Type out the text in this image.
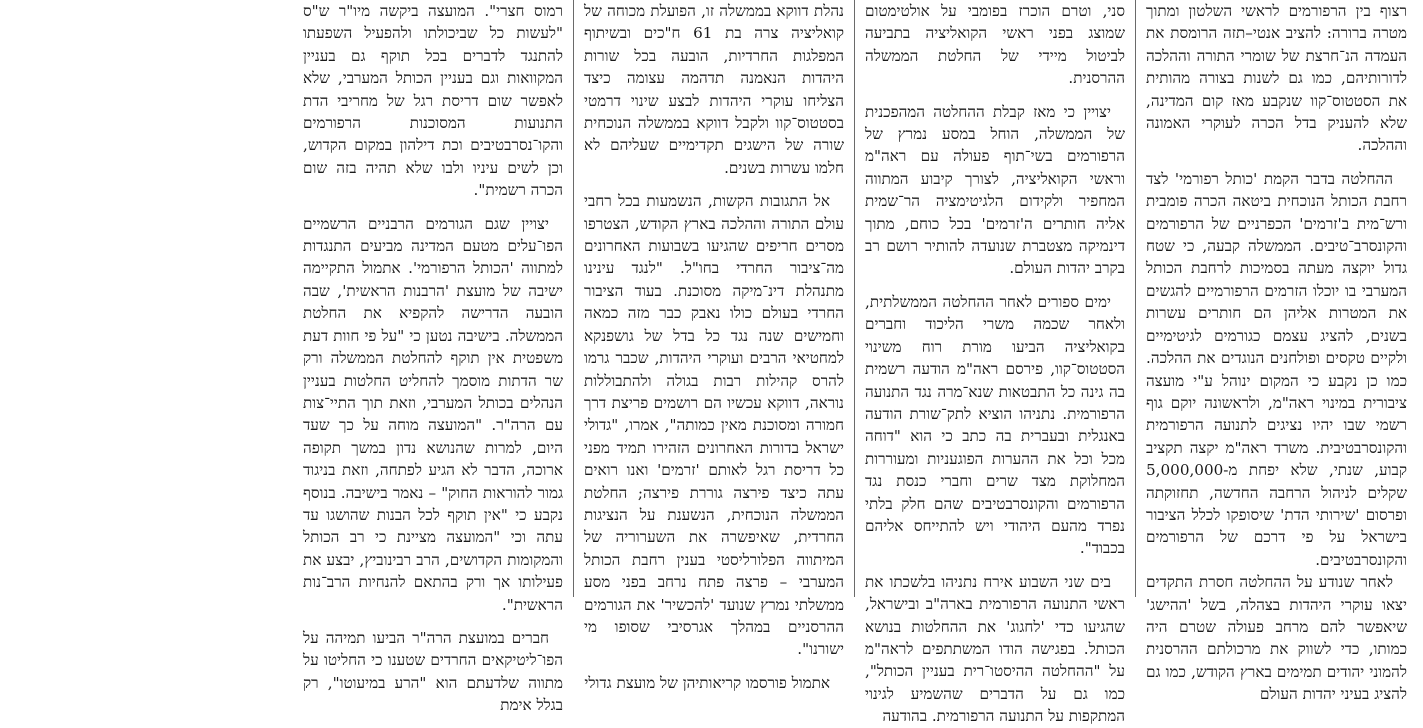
רצוף בין הרפורמים לראשי השלטון ומתוך מטרה ברורה: להציב אנטי–תזה הרומסת את העמדה הנ־חרצת של שומרי התורה וההלכה לדורותיהם, כמו גם לשנות בצורה מהותית את הסטטוס־קוו שנקבע מאז קום המדינה, שלא להעניק בדל הכרה לעוקרי האמונה וההלכה.

ההחלטה בדבר הקמת 'כותל רפורמי' לצד רחבת הכותל הנוכחית ביטאה הכרה פומבית ורש־מית ב'זרמים' הכפרניים של הרפורמים והקונסרב־טיבים. הממשלה קבעה, כי שטח גדול יוקצה מעתה בסמיכות לרחבת הכותל המערבי בו יוכלו הזרמים הרפורמיים להגשים את המטרות אליהן הם חותרים עשרות בשנים, להציג עצמם כגורמים לגיטימיים ולקיים טקסים ופולחנים הנוגדים את ההלכה. כמו כן נקבע כי המקום ינוהל ע"י מועצה ציבורית במינוי ראה"מ, ולראשונה יוקם גוף רשמי שבו יהיו נציגים לתנועה הרפורמית והקונסרבטיבית. משרד ראה"מ יקצה תקציב קבוע, שנתי, שלא יפחת מ-5,000,000 שקלים לניהול הרחבה החדשה, תחזוקתה ופרסום 'שירותי הדת' שיסופקו לכלל הציבור בישראל על פי דרכם של הרפורמים והקונסרבטיבים.

לאחר שנודע על ההחלטה חסרת התקדים יצאו עוקרי היהדות בצהלה, בשל 'ההישג' שיאפשר להם מרחב פעולה שטרם היה כמותו, כדי לשווק את מרכולתם ההרסנית להמוני יהודים תמימים בארץ הקודש, כמו גם להציג בעיני יהדות העולם

סני, וטרם הוכרז בפומבי על אולטימטום שמוצג בפני ראשי הקואליציה בתביעה לביטול מיידי של החלטת הממשלה ההרסנית.

יצויין כי מאז קבלת ההחלטה המהפכנית של הממשלה, הוחל במסע נמרץ של הרפורמים בשי־תוף פעולה עם ראה"מ וראשי הקואליציה, לצורך קיבוע המתווה המחפיר ולקידום הלגיטימציה הר־שמית אליה חותרים ה'זרמים' בכל כוחם, מתוך דינמיקה מצטברת שנועדה להותיר רושם רב בקרב יהדות העולם.

ימים ספורים לאחר ההחלטה הממשלתית, ולאחר שכמה משרי הליכוד וחברים בקואליציה הביעו מורת רוח משינוי הסטטוס־קוו, פירסם ראה"מ הודעה רשמית בה גינה כל התבטאות שנא־מרה נגד התנועה הרפורמית. נתניהו הוציא לתק־שורת הודעה באנגלית ובעברית בה כתב כי הוא "דוחה מכל וכל את ההערות הפוגעניות ומעוררות המחלוקת מצד שרים וחברי כנסת נגד הרפורמים והקונסרבטיבים שהם חלק בלתי נפרד מהעם היהודי ויש להתייחס אליהם בכבוד".

בים שני השבוע אירח נתניהו בלשכתו את ראשי התנועה הרפורמית בארה"ב ובישראל, שהגיעו כדי 'לחגוג' את ההחלטות בנושא הכותל. בפגישה הודו המשתתפים לראה"מ על "ההחלטה ההיסטו־רית בעניין הכותל", כמו גם על הדברים שהשמיע לגינוי המתקפות על התנועה הרפורמית. בהודעה

נהלת דווקא בממשלה זו, הפועלת מכוחה של קואליציה צרה בת 61 ח"כים ובשיתוף המפלגות החרדיות, הובעה בכל שורות היהדות הנאמנה תדהמה עצומה כיצד הצליחו עוקרי היהדות לבצע שינוי דרמטי בסטטוס־קוו ולקבל דווקא בממשלה הנוכחית שורה של הישגים תקדימיים שעליהם לא חלמו עשרות בשנים.

אל התגובות הקשות, הנשמעות בכל רחבי עולם התורה וההלכה בארץ הקודש, הצטרפו מסרים חריפים שהגיעו בשבועות האחרונים מה־ציבור החרדי בחו"ל. "לנגד עינינו מתנהלת דינ־מיקה מסוכנת. בעוד הציבור החרדי בעולם כולו נאבק כבר מזה כמאה וחמישים שנה נגד כל בדל של גושפנקא למחטיאי הרבים ועוקרי היהדות, שכבר גרמו להרס קהילות רבות בגולה ולהתבוללות נוראה, דווקא עכשיו הם רושמים פריצת דרך חמורה ומסוכנת מאין כמותה", אמרו, "גדולי ישראל בדורות האחרונים הזהירו תמיד מפני כל דריסת רגל לאותם 'זרמים' ואנו רואים עתה כיצד פירצה גוררת פירצה; החלטת הממשלה הנוכחית, הנשענת על הנציגות החרדית, שאיפשרה את השערוריה של המיתווה הפלורליסטי בענין רחבת הכותל המערבי – פרצה פתח נרחב בפני מסע ממשלתי נמרץ שנועד 'להכשיר' את הגורמים ההרסניים במהלך אגרסיבי שסופו מי ישורנו".

אתמול פורסמו קריאותיהן של מועצת גדולי

רמוס חצרי". המועצה ביקשה מיו"ר ש"ס "לעשות כל שביכולתו ולהפעיל השפעתו להתנגד לדברים בכל תוקף גם בעניין המקוואות וגם בעניין הכותל המערבי, שלא לאפשר שום דריסת רגל של מחריבי הדת התנועות המסוכנות הרפורמים והקו־נסרבטיבים וכת דילהון במקום הקדוש, וכן לשים עיניו ולבו שלא תהיה בזה שום הכרה רשמית".

יצויין שגם הגורמים הרבניים הרשמיים הפו־עלים מטעם המדינה מביעים התנגדות למתווה 'הכותל הרפורמי'. אתמול התקיימה ישיבה של מועצת 'הרבנות הראשית', שבה הובעה הדרישה להקפיא את החלטת הממשלה. בישיבה נטען כי "על פי חוות דעת משפטית אין תוקף להחלטת הממשלה ורק שר הדתות מוסמך להחליט החלטות בעניין הנהלים בכותל המערבי, וזאת תוך התיי־צות עם הרה"ר. "המועצה מוחה על כך שעד היום, למרות שהנושא נדון במשך תקופה ארוכה, הדבר לא הגיע לפתחה, וזאת בניגוד גמור להוראות החוק" – נאמר בישיבה. בנוסף נקבע כי "אין תוקף לכל הבנות שהושגו עד עתה וכי "המועצה מציינת כי רב הכותל והמקומות הקדושים, הרב רבינוביץ, יבצע את פעילותו אך ורק בהתאם להנחיות הרב־נות הראשית".

חברים במועצת הרה"ר הביעו תמיהה על הפו־ליטיקאים החרדים שטענו כי החליטו על מתווה שלדעתם הוא "הרע במיעוטו", רק בגלל אימת
